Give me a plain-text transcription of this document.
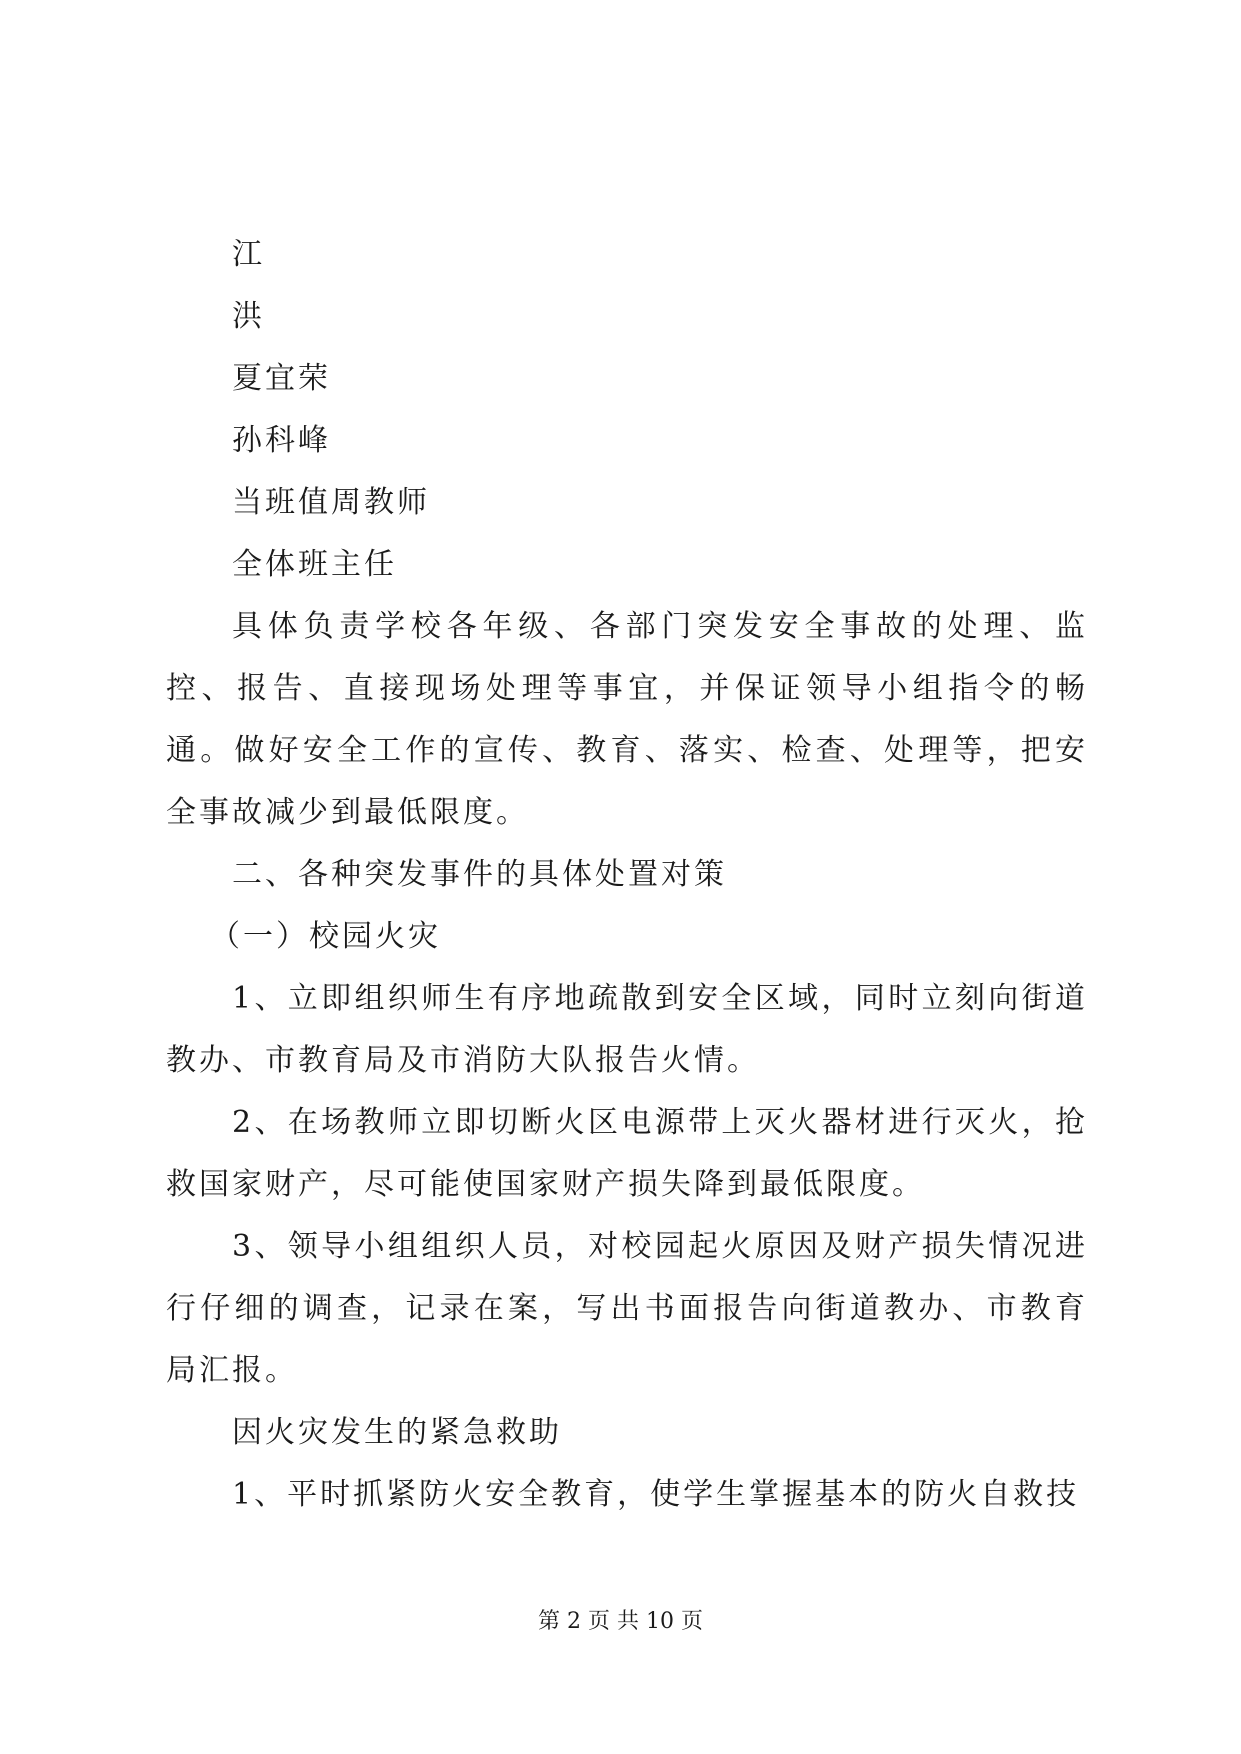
江

洪

夏宜荣

孙科峰

当班值周教师

全体班主任

具体负责学校各年级、各部门突发安全事故的处理、监控、报告、直接现场处理等事宜，并保证领导小组指令的畅通。做好安全工作的宣传、教育、落实、检查、处理等，把安全事故减少到最低限度。

二、各种突发事件的具体处置对策

（一）校园火灾

1、立即组织师生有序地疏散到安全区域，同时立刻向街道教办、市教育局及市消防大队报告火情。

2、在场教师立即切断火区电源带上灭火器材进行灭火，抢救国家财产，尽可能使国家财产损失降到最低限度。

3、领导小组组织人员，对校园起火原因及财产损失情况进行仔细的调查，记录在案，写出书面报告向街道教办、市教育局汇报。

因火灾发生的紧急救助

1、平时抓紧防火安全教育，使学生掌握基本的防火自救技

第 2 页 共 10 页
